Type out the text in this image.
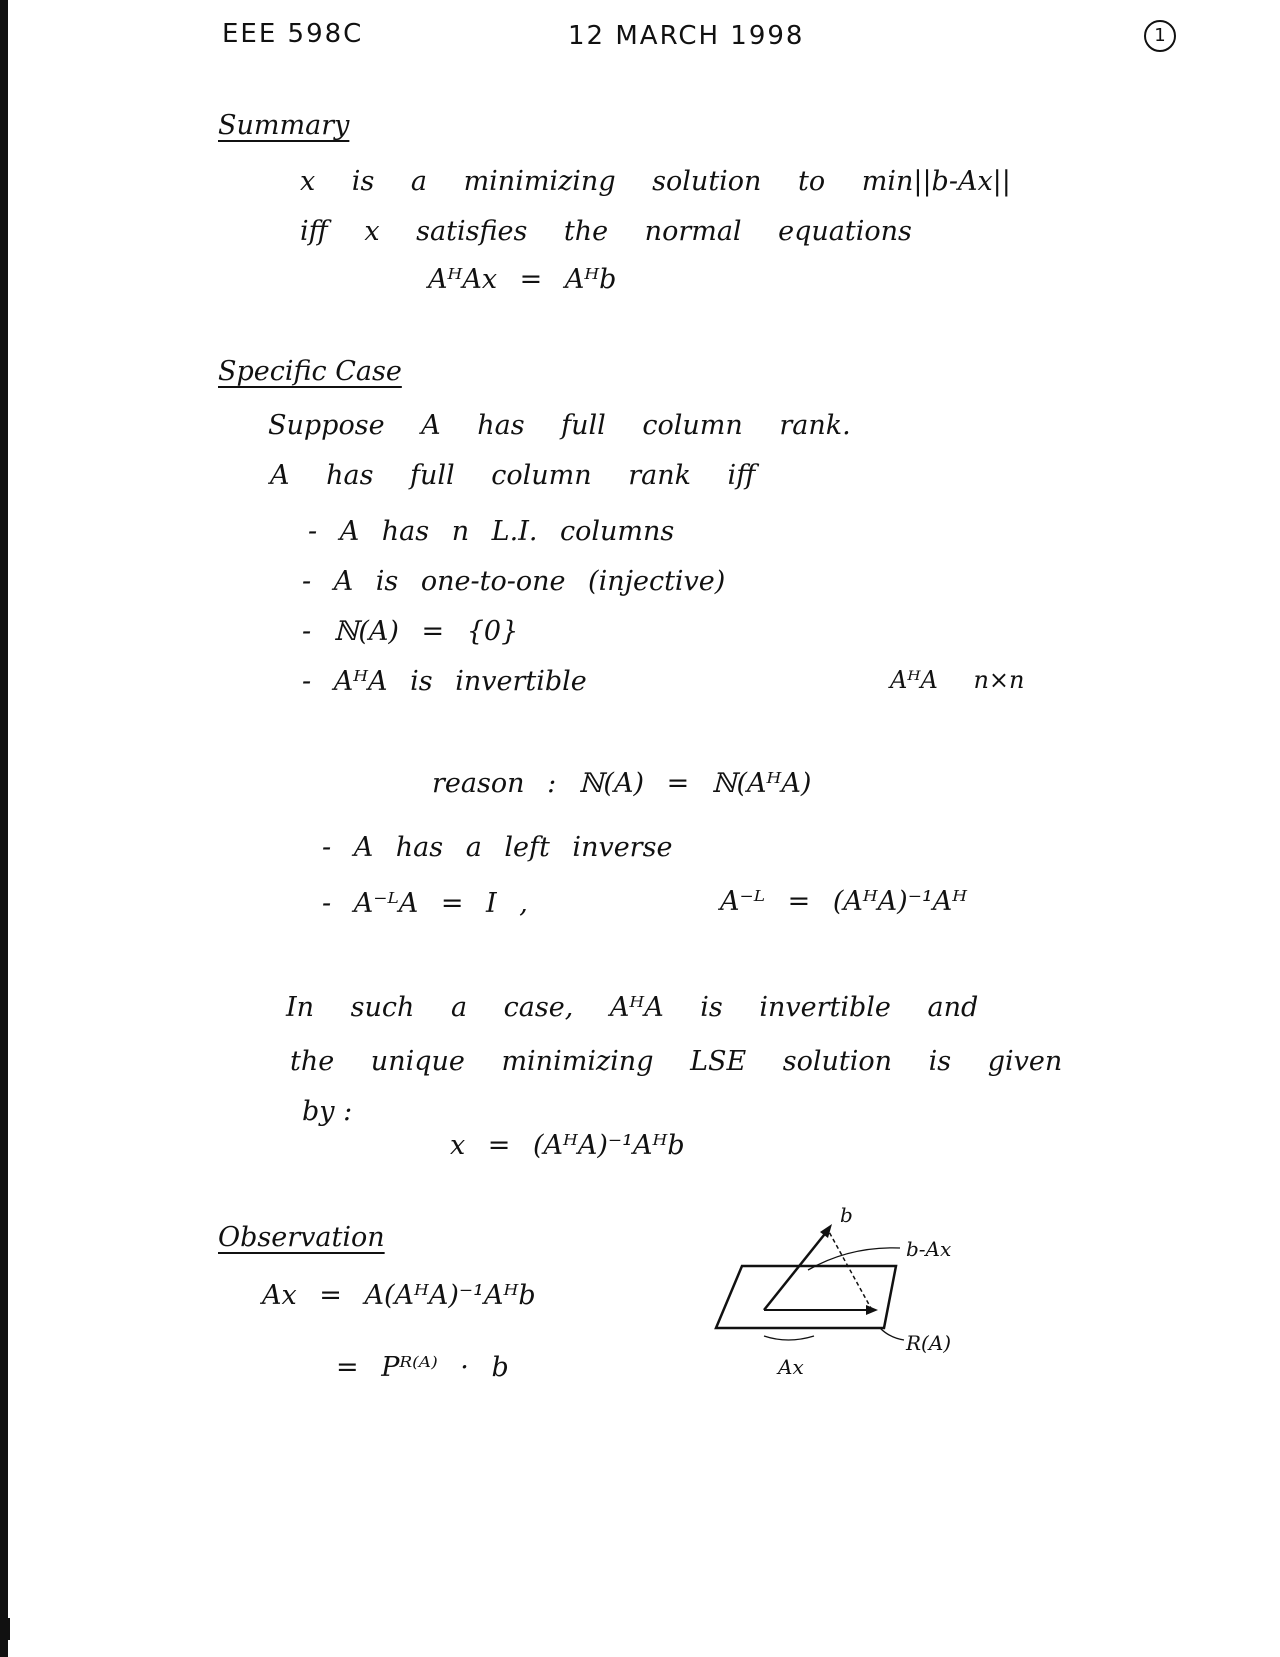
EEE 598C	12 MARCH 1998	1
Summary
x is a minimizing solution to min||b-Ax||
iff x satisfies the normal equations
AᴴAx = Aᴴb
Specific Case
Suppose A has full column rank.
A has full column rank iff
- A has n L.I. columns
- A is one-to-one (injective)
- ℕ(A) = {0}
- AᴴA is invertible	AᴴA n×n
reason : ℕ(A) = ℕ(AᴴA)
- A has a left inverse
- A⁻ᴸA = I ,	A⁻ᴸ = (AᴴA)⁻¹Aᴴ
In such a case, AᴴA is invertible and
the unique minimizing LSE solution is given
by :
x = (AᴴA)⁻¹Aᴴb
Observation
Ax = A(AᴴA)⁻¹Aᴴb
= Pᴿ⁽ᴬ⁾ · b
b
b-Ax
R(A)
Ax
